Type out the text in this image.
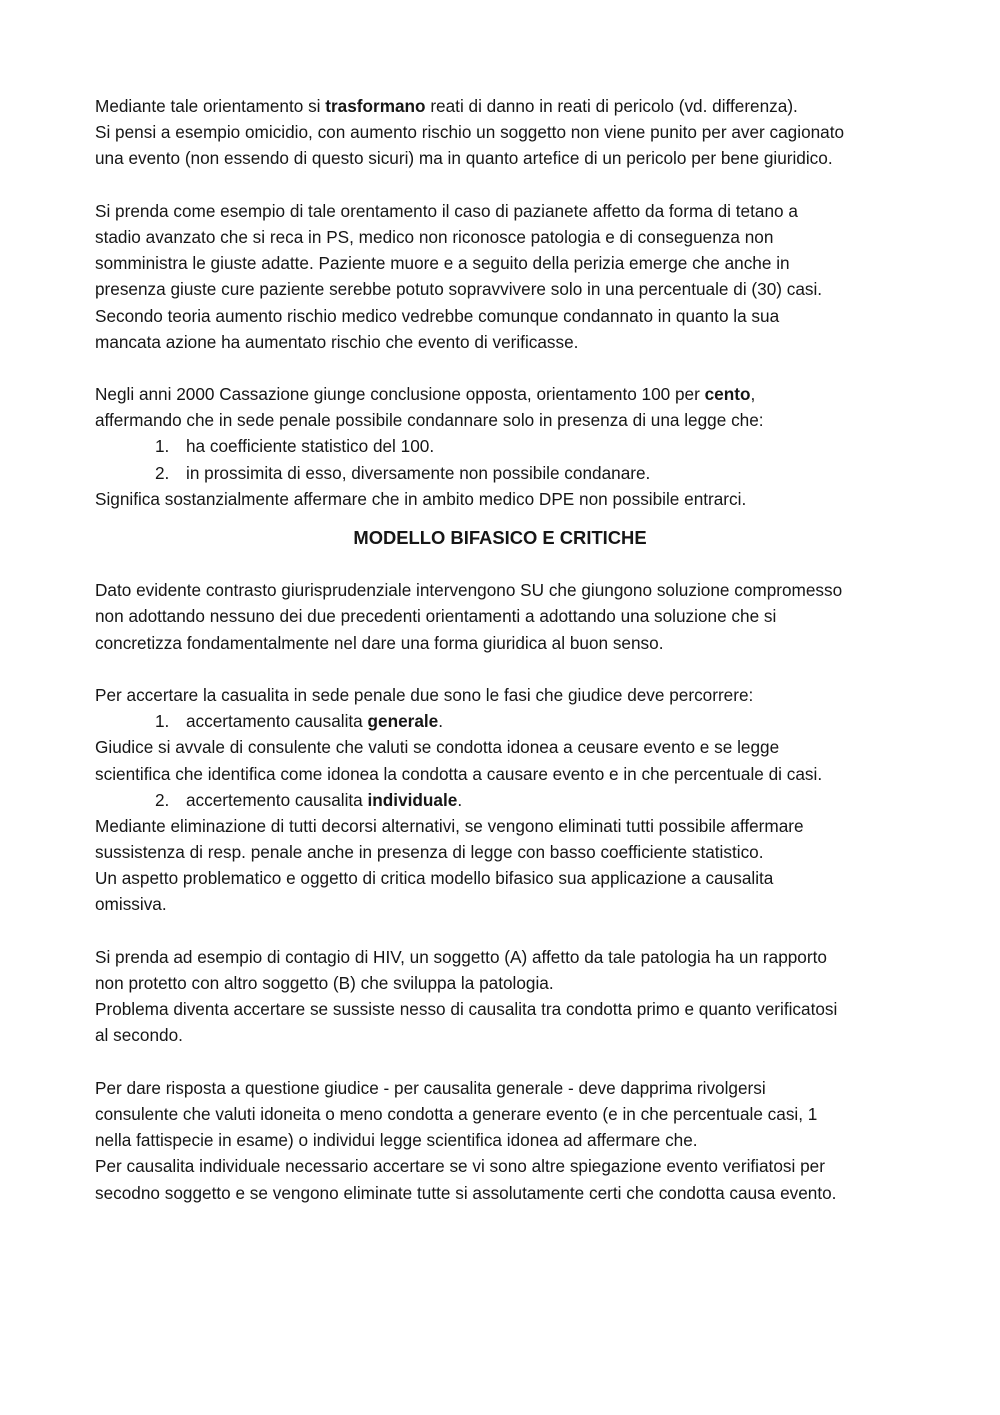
Mediante tale orientamento si trasformano reati di danno in reati di pericolo (vd. differenza).
Si pensi a esempio omicidio, con aumento rischio un soggetto non viene punito per aver cagionato
una evento (non essendo di questo sicuri) ma in quanto artefice di un pericolo per bene giuridico.
Si prenda come esempio di tale orentamento il caso di pazianete affetto da forma di tetano a
stadio avanzato che si reca in PS, medico non riconosce patologia e di conseguenza non
somministra le giuste adatte. Paziente muore e a seguito della perizia emerge che anche in
presenza giuste cure paziente serebbe potuto sopravvivere solo in una percentuale di (30) casi.
Secondo teoria aumento rischio medico vedrebbe comunque condannato in quanto la sua
mancata azione ha aumentato rischio che evento di verificasse.
Negli anni 2000 Cassazione giunge conclusione opposta, orientamento 100 per cento,
affermando che in sede penale possibile condannare solo in presenza di una legge che:
1. ha coefficiente statistico del 100.
2. in prossimita di esso, diversamente non possibile condanare.
Significa sostanzialmente affermare che in ambito medico DPE non possibile entrarci.
MODELLO BIFASICO E CRITICHE
Dato evidente contrasto giurisprudenziale intervengono SU che giungono soluzione compromesso
non adottando nessuno dei due precedenti orientamenti a adottando una soluzione che si
concretizza fondamentalmente nel dare una forma giuridica al buon senso.
Per accertare la casualita in sede penale due sono le fasi che giudice deve percorrere:
1. accertamento causalita generale.
Giudice si avvale di consulente che valuti se condotta idonea a ceusare evento e se legge
scientifica che identifica come idonea la condotta a causare evento e in che percentuale di casi.
2. accertemento causalita individuale.
Mediante eliminazione di tutti decorsi alternativi, se vengono eliminati tutti possibile affermare
sussistenza di resp. penale anche in presenza di legge con basso coefficiente statistico.
Un aspetto problematico e oggetto di critica modello bifasico sua applicazione a causalita
omissiva.
Si prenda ad esempio di contagio di HIV, un soggetto (A) affetto da tale patologia ha un rapporto
non protetto con altro soggetto (B) che sviluppa la patologia.
Problema diventa accertare se sussiste nesso di causalita tra condotta primo e quanto verificatosi
al secondo.
Per dare risposta a questione giudice - per causalita generale - deve dapprima rivolgersi
consulente che valuti idoneita o meno condotta a generare evento (e in che percentuale casi, 1
nella fattispecie in esame) o individui legge scientifica idonea ad affermare che.
Per causalita individuale necessario accertare se vi sono altre spiegazione evento verifiatosi per
secodno soggetto e se vengono eliminate tutte si assolutamente certi che condotta causa evento.
